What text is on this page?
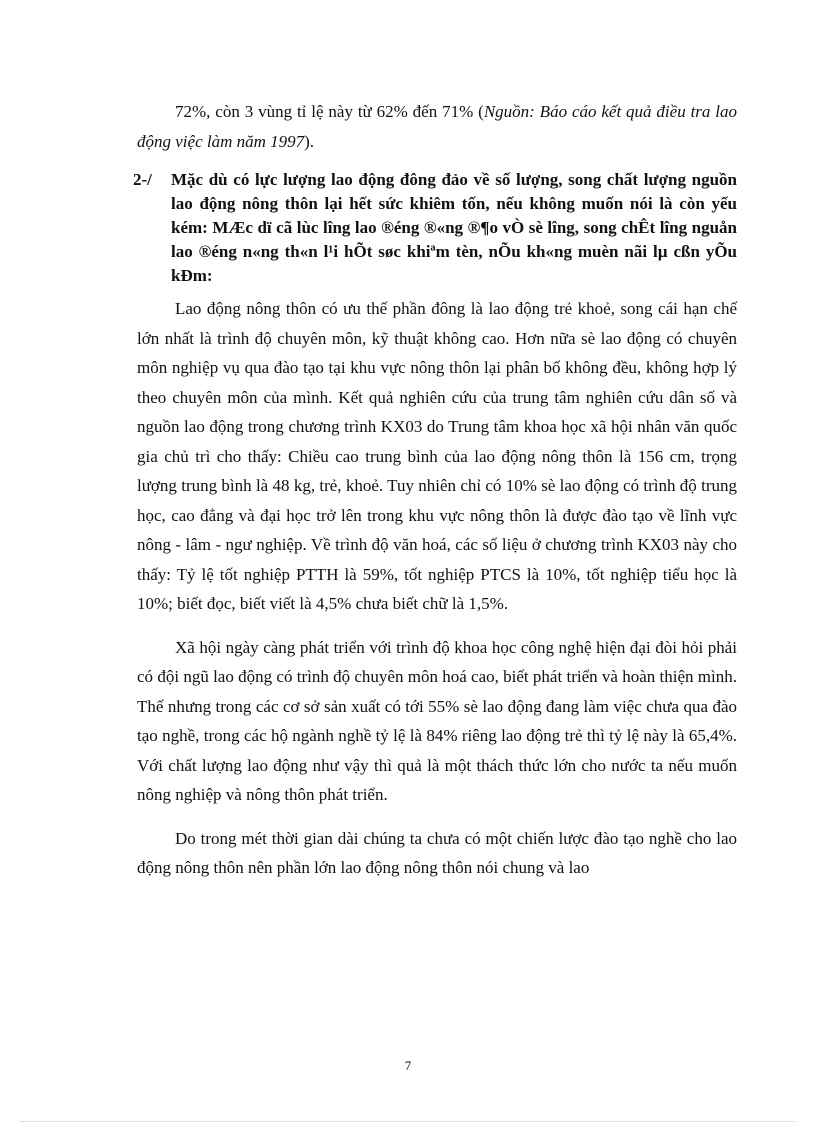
72%, còn 3 vùng tỉ lệ này từ 62% đến 71% (Nguồn: Báo cáo kết quả điều tra lao động việc làm năm 1997).

2-/	Mặc dù có lực lượng lao động đông đảo về số lượng, song chất lượng nguồn lao động nông thôn lại hết sức khiêm tốn, nếu không muốn nói là còn yếu kém: MÆc dï cã lùc lîng lao ®éng ®«ng ®¶o vÒ sè lîng, song chÊt lîng nguån lao ®éng n«ng th«n l¹i hÕt søc khiªm tèn, nÕu kh«ng muèn nãi lµ cßn yÕu kÐm:

Lao động nông thôn có ưu thế phần đông là lao động trẻ khoẻ, song cái hạn chế lớn nhất là trình độ chuyên môn, kỹ thuật không cao. Hơn nữa sè lao động có chuyên môn nghiệp vụ qua đào tạo tại khu vực nông thôn lại phân bố không đều, không hợp lý theo chuyên môn của mình. Kết quả nghiên cứu của trung tâm nghiên cứu dân số và nguồn lao động trong chương trình KX03 do Trung tâm khoa học xã hội nhân văn quốc gia chủ trì cho thấy: Chiều cao trung bình của lao động nông thôn là 156 cm, trọng lượng trung bình là 48 kg, trẻ, khoẻ. Tuy nhiên chỉ có 10% sè lao động có trình độ trung học, cao đẳng và đại học trở lên trong khu vực nông thôn là được đào tạo về lĩnh vực nông - lâm - ngư nghiệp. Về trình độ văn hoá, các số liệu ở chương trình KX03 này cho thấy: Tỷ lệ tốt nghiệp PTTH là 59%, tốt nghiệp PTCS là 10%, tốt nghiệp tiểu học là 10%; biết đọc, biết viết là 4,5% chưa biết chữ là 1,5%.

Xã hội ngày càng phát triển với trình độ khoa học công nghệ hiện đại đòi hỏi phải có đội ngũ lao động có trình độ chuyên môn hoá cao, biết phát triển và hoàn thiện mình. Thế nhưng trong các cơ sở sản xuất có tới 55% sè lao động đang làm việc chưa qua đào tạo nghề, trong các hộ ngành nghề tỷ lệ là 84% riêng lao động trẻ thì tỷ lệ này là 65,4%. Với chất lượng lao động như vậy thì quả là một thách thức lớn cho nước ta nếu muốn nông nghiệp và nông thôn phát triển.

Do trong mét thời gian dài chúng ta chưa có một chiến lược đào tạo nghề cho lao động nông thôn nên phần lớn lao động nông thôn nói chung và lao

7
